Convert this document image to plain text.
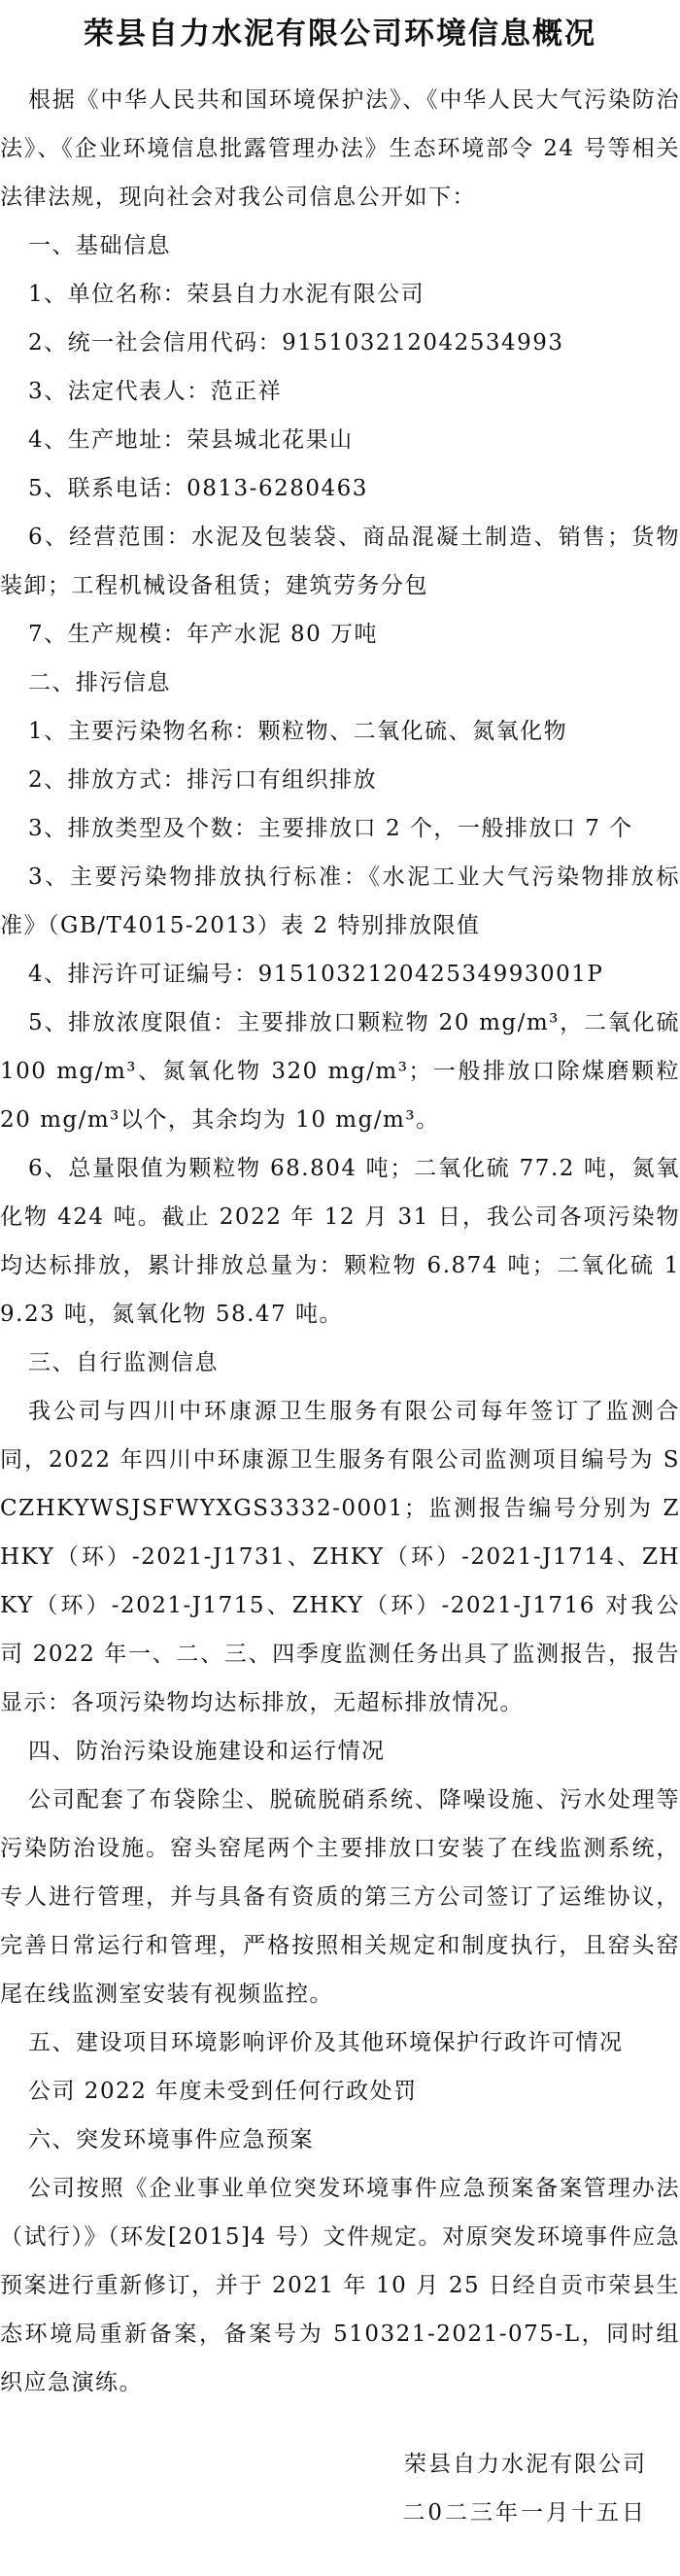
荣县自力水泥有限公司环境信息概况

根据《中华人民共和国环境保护法》、《中华人民大气污染防治法》、《企业环境信息批露管理办法》生态环境部令 24 号等相关法律法规，现向社会对我公司信息公开如下：

一、基础信息

1、单位名称：荣县自力水泥有限公司

2、统一社会信用代码：915103212042534993

3、法定代表人：范正祥

4、生产地址：荣县城北花果山

5、联系电话：0813-6280463

6、经营范围：水泥及包装袋、商品混凝土制造、销售；货物装卸；工程机械设备租赁；建筑劳务分包

7、生产规模：年产水泥 80 万吨

二、排污信息

1、主要污染物名称：颗粒物、二氧化硫、氮氧化物

2、排放方式：排污口有组织排放

3、排放类型及个数：主要排放口 2 个，一般排放口 7 个

3、主要污染物排放执行标准：《水泥工业大气污染物排放标准》（GB/T4015-2013）表 2 特别排放限值

4、排污许可证编号：915103212042534993001P

5、排放浓度限值：主要排放口颗粒物 20 mg/m³，二氧化硫 100 mg/m³、氮氧化物 320 mg/m³；一般排放口除煤磨颗粒 20 mg/m³以个，其余均为 10 mg/m³。

6、总量限值为颗粒物 68.804 吨；二氧化硫 77.2 吨，氮氧化物 424 吨。截止 2022 年 12 月 31 日，我公司各项污染物均达标排放，累计排放总量为：颗粒物 6.874 吨；二氧化硫 19.23 吨，氮氧化物 58.47 吨。

三、自行监测信息

我公司与四川中环康源卫生服务有限公司每年签订了监测合同，2022 年四川中环康源卫生服务有限公司监测项目编号为 SCZHKYWSJSFWYXGS3332-0001；监测报告编号分别为 ZHKY（环）-2021-J1731、ZHKY（环）-2021-J1714、ZHKY（环）-2021-J1715、ZHKY（环）-2021-J1716 对我公司 2022 年一、二、三、四季度监测任务出具了监测报告，报告显示：各项污染物均达标排放，无超标排放情况。

四、防治污染设施建设和运行情况

公司配套了布袋除尘、脱硫脱硝系统、降噪设施、污水处理等污染防治设施。窑头窑尾两个主要排放口安装了在线监测系统，专人进行管理，并与具备有资质的第三方公司签订了运维协议，完善日常运行和管理，严格按照相关规定和制度执行，且窑头窑尾在线监测室安装有视频监控。

五、建设项目环境影响评价及其他环境保护行政许可情况

公司 2022 年度未受到任何行政处罚

六、突发环境事件应急预案

公司按照《企业事业单位突发环境事件应急预案备案管理办法（试行）》（环发[2015]4 号）文件规定。对原突发环境事件应急预案进行重新修订，并于 2021 年 10 月 25 日经自贡市荣县生态环境局重新备案，备案号为 510321-2021-075-L，同时组织应急演练。

荣县自力水泥有限公司

二0二三年一月十五日
